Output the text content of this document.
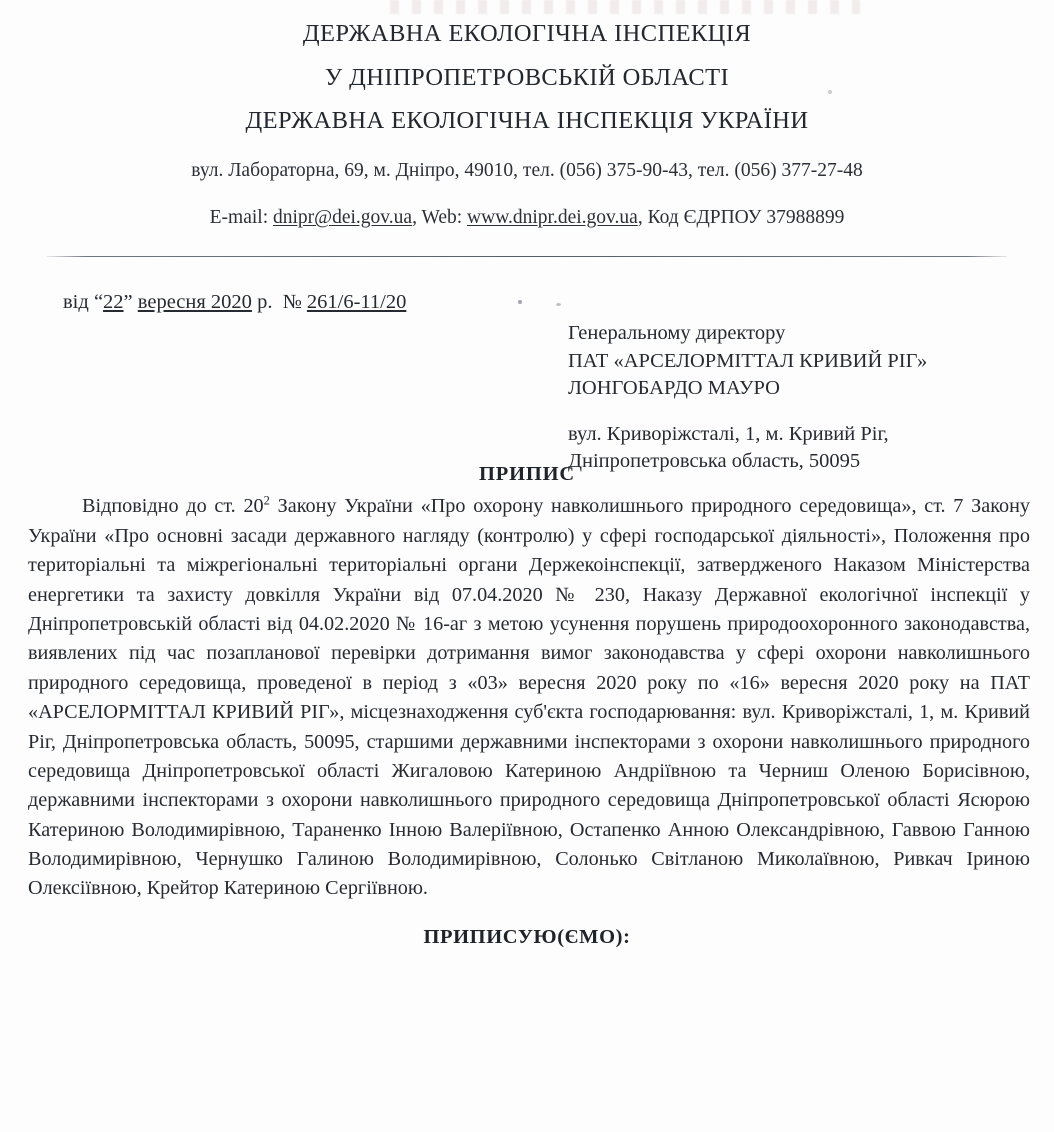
ДЕРЖАВНА ЕКОЛОГІЧНА ІНСПЕКЦІЯ
У ДНІПРОПЕТРОВСЬКІЙ ОБЛАСТІ
ДЕРЖАВНА ЕКОЛОГІЧНА ІНСПЕКЦІЯ УКРАЇНИ
вул. Лабораторна, 69, м. Дніпро, 49010, тел. (056) 375-90-43, тел. (056) 377-27-48
E-mail: dnipr@dei.gov.ua, Web: www.dnipr.dei.gov.ua, Код ЄДРПОУ 37988899
від “22” вересня 2020 р. № 261/6-11/20
Генеральному директору
ПАТ «АРСЕЛОРМІТТАЛ КРИВИЙ РІГ»
ЛОНГОБАРДО МАУРО
вул. Криворіжсталі, 1, м. Кривий Ріг,
Дніпропетровська область, 50095
ПРИПИС

Відповідно до ст. $20^2$ Закону України «Про охорону навколишнього природного середовища», ст. 7 Закону України «Про основні засади державного нагляду (контролю) у сфері господарської діяльності», Положення про територіальні та міжрегіональні територіальні органи Держекоінспекції, затвердженого Наказом Міністерства енергетики та захисту довкілля України від 07.04.2020 № 230, Наказу Державної екологічної інспекції у Дніпропетровській області від 04.02.2020 № 16-аг з метою усунення порушень природоохоронного законодавства, виявлених під час позапланової перевірки дотримання вимог законодавства у сфері охорони навколишнього природного середовища, проведеної в період з «03» вересня 2020 року по «16» вересня 2020 року на ПАТ «АРСЕЛОРМІТТАЛ КРИВИЙ РІГ», місцезнаходження суб'єкта господарювання: вул. Криворіжсталі, 1, м. Кривий Ріг, Дніпропетровська область, 50095, старшими державними інспекторами з охорони навколишнього природного середовища Дніпропетровської області Жигаловою Катериною Андріївною та Черниш Оленою Борисівною, державними інспекторами з охорони навколишнього природного середовища Дніпропетровської області Ясюрою Катериною Володимирівною, Тараненко Інною Валеріївною, Остапенко Анною Олександрівною, Гаввою Ганною Володимирівною, Чернушко Галиною Володимирівною, Солонько Світланою Миколаївною, Ривкач Іриною Олексіївною, Крейтор Катериною Сергіївною.

ПРИПИСУЮ(ЄМО):
